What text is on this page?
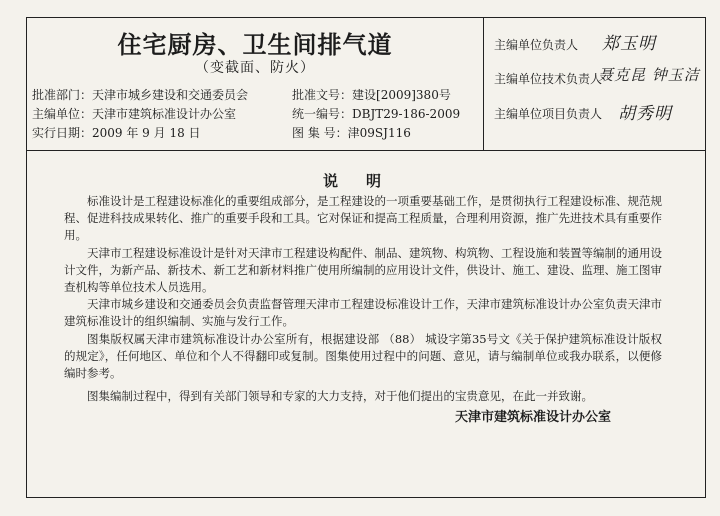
住宅厨房、卫生间排气道
（变截面、防火）
批准部门：天津市城乡建设和交通委员会
主编单位：天津市建筑标准设计办公室
实行日期：2009 年 9 月 18 日
批准文号：建设[2009]380号
统一编号：DBJT29-186-2009
图 集 号：津09SJ116
主编单位负责人 郑玉明
主编单位技术负责人
聂克昆 钟玉洁
主编单位项目负责人 胡秀明
说明

标准设计是工程建设标准化的重要组成部分，是工程建设的一项重要基础工作，是贯彻执行工程建设标准、规范规程、促进科技成果转化、推广的重要手段和工具。它对保证和提高工程质量，合理利用资源，推广先进技术具有重要作用。

天津市工程建设标准设计是针对天津市工程建设构配件、制品、建筑物、构筑物、工程设施和装置等编制的通用设计文件，为新产品、新技术、新工艺和新材料推广使用所编制的应用设计文件，供设计、施工、建设、监理、施工图审查机构等单位技术人员选用。

天津市城乡建设和交通委员会负责监督管理天津市工程建设标准设计工作，天津市建筑标准设计办公室负责天津市建筑标准设计的组织编制、实施与发行工作。

图集版权属天津市建筑标准设计办公室所有，根据建设部 （88） 城设字第35号文《关于保护建筑标准设计版权的规定》，任何地区、单位和个人不得翻印或复制。图集使用过程中的问题、意见，请与编制单位或我办联系，以便修编时参考。

图集编制过程中，得到有关部门领导和专家的大力支持，对于他们提出的宝贵意见，在此一并致谢。

天津市建筑标准设计办公室
